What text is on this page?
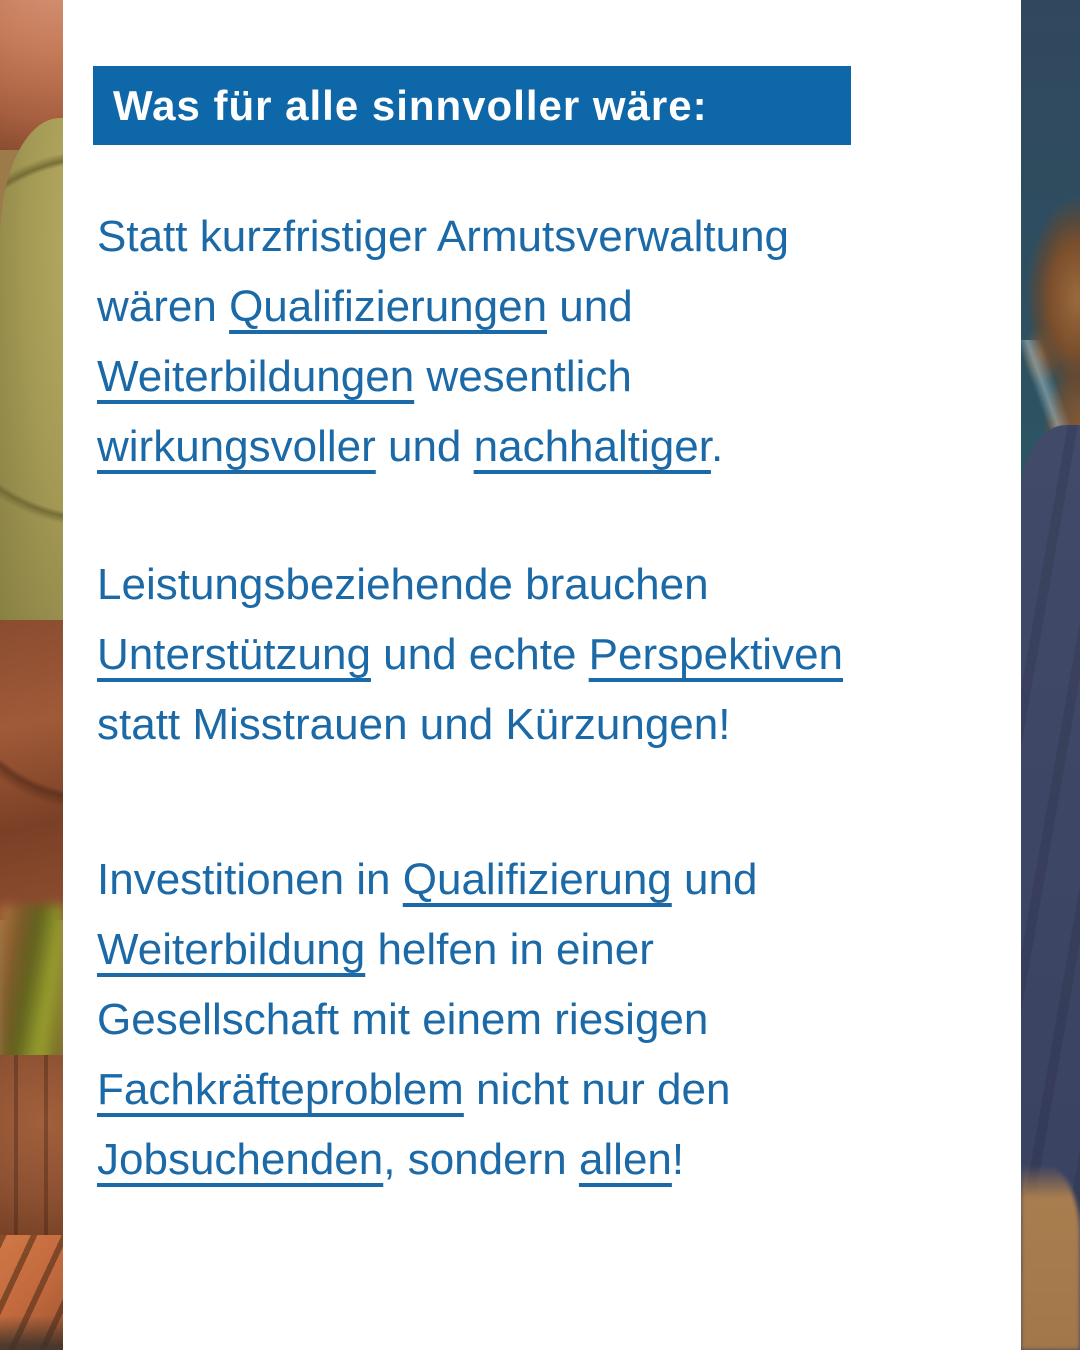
Was für alle sinnvoller wäre:
Statt kurzfristiger Armutsverwaltung
wären Qualifizierungen und
Weiterbildungen wesentlich
wirkungsvoller und nachhaltiger.
Leistungsbeziehende brauchen
Unterstützung und echte Perspektiven
statt Misstrauen und Kürzungen!
Investitionen in Qualifizierung und
Weiterbildung helfen in einer
Gesellschaft mit einem riesigen
Fachkräfteproblem nicht nur den
Jobsuchenden, sondern allen!
